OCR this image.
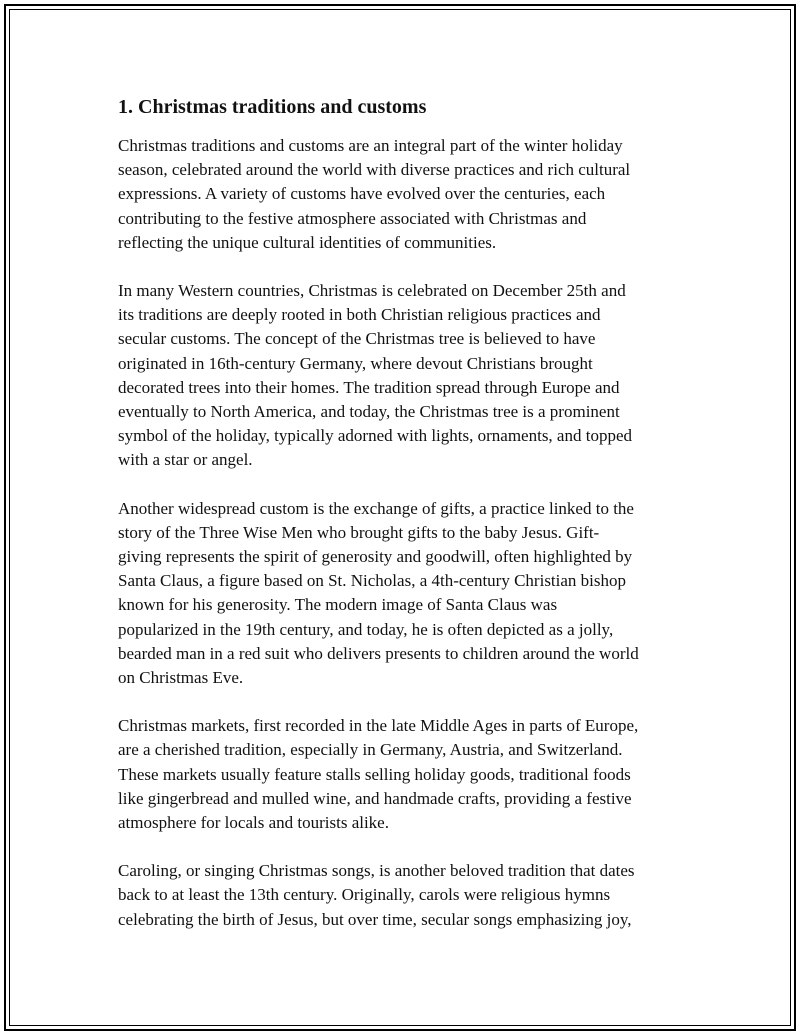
1. Christmas traditions and customs

Christmas traditions and customs are an integral part of the winter holiday
season, celebrated around the world with diverse practices and rich cultural
expressions. A variety of customs have evolved over the centuries, each
contributing to the festive atmosphere associated with Christmas and
reflecting the unique cultural identities of communities.

In many Western countries, Christmas is celebrated on December 25th and
its traditions are deeply rooted in both Christian religious practices and
secular customs. The concept of the Christmas tree is believed to have
originated in 16th-century Germany, where devout Christians brought
decorated trees into their homes. The tradition spread through Europe and
eventually to North America, and today, the Christmas tree is a prominent
symbol of the holiday, typically adorned with lights, ornaments, and topped
with a star or angel.

Another widespread custom is the exchange of gifts, a practice linked to the
story of the Three Wise Men who brought gifts to the baby Jesus. Gift-
giving represents the spirit of generosity and goodwill, often highlighted by
Santa Claus, a figure based on St. Nicholas, a 4th-century Christian bishop
known for his generosity. The modern image of Santa Claus was
popularized in the 19th century, and today, he is often depicted as a jolly,
bearded man in a red suit who delivers presents to children around the world
on Christmas Eve.

Christmas markets, first recorded in the late Middle Ages in parts of Europe,
are a cherished tradition, especially in Germany, Austria, and Switzerland.
These markets usually feature stalls selling holiday goods, traditional foods
like gingerbread and mulled wine, and handmade crafts, providing a festive
atmosphere for locals and tourists alike.

Caroling, or singing Christmas songs, is another beloved tradition that dates
back to at least the 13th century. Originally, carols were religious hymns
celebrating the birth of Jesus, but over time, secular songs emphasizing joy,
